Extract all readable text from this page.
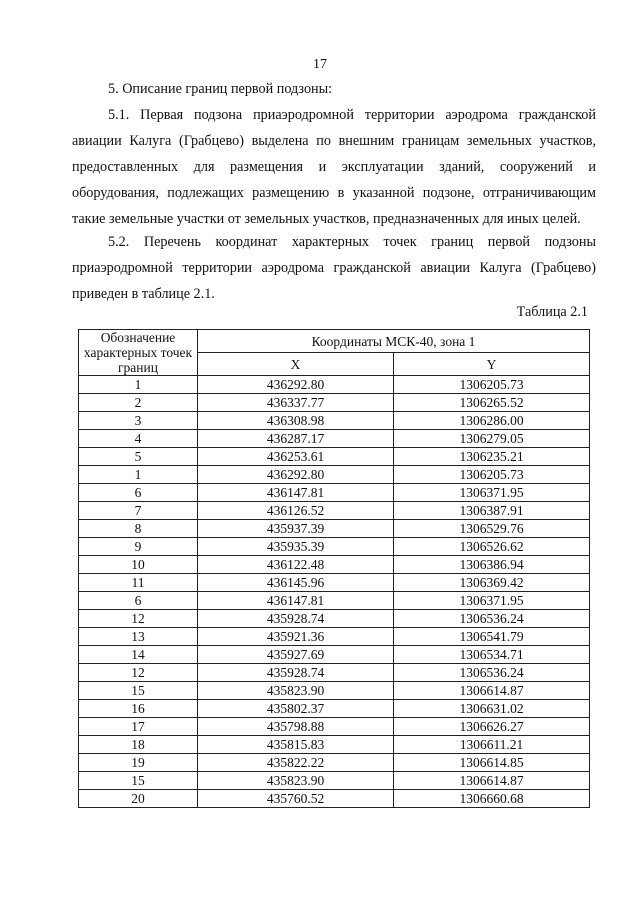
17

5. Описание границ первой подзоны:

5.1. Первая подзона приаэродромной территории аэродрома гражданской авиации Калуга (Грабцево) выделена по внешним границам земельных участков, предоставленных для размещения и эксплуатации зданий, сооружений и оборудования, подлежащих размещению в указанной подзоне, отграничивающим такие земельные участки от земельных участков, предназначенных для иных целей.

5.2. Перечень координат характерных точек границ первой подзоны приаэродромной территории аэродрома гражданской авиации Калуга (Грабцево) приведен в таблице 2.1.

Таблица 2.1
Обозначение характерных точек границ	Координаты МСК-40, зона 1	
	X	Y
1	436292.80	1306205.73
2	436337.77	1306265.52
3	436308.98	1306286.00
4	436287.17	1306279.05
5	436253.61	1306235.21
1	436292.80	1306205.73
6	436147.81	1306371.95
7	436126.52	1306387.91
8	435937.39	1306529.76
9	435935.39	1306526.62
10	436122.48	1306386.94
11	436145.96	1306369.42
6	436147.81	1306371.95
12	435928.74	1306536.24
13	435921.36	1306541.79
14	435927.69	1306534.71
12	435928.74	1306536.24
15	435823.90	1306614.87
16	435802.37	1306631.02
17	435798.88	1306626.27
18	435815.83	1306611.21
19	435822.22	1306614.85
15	435823.90	1306614.87
20	435760.52	1306660.68
